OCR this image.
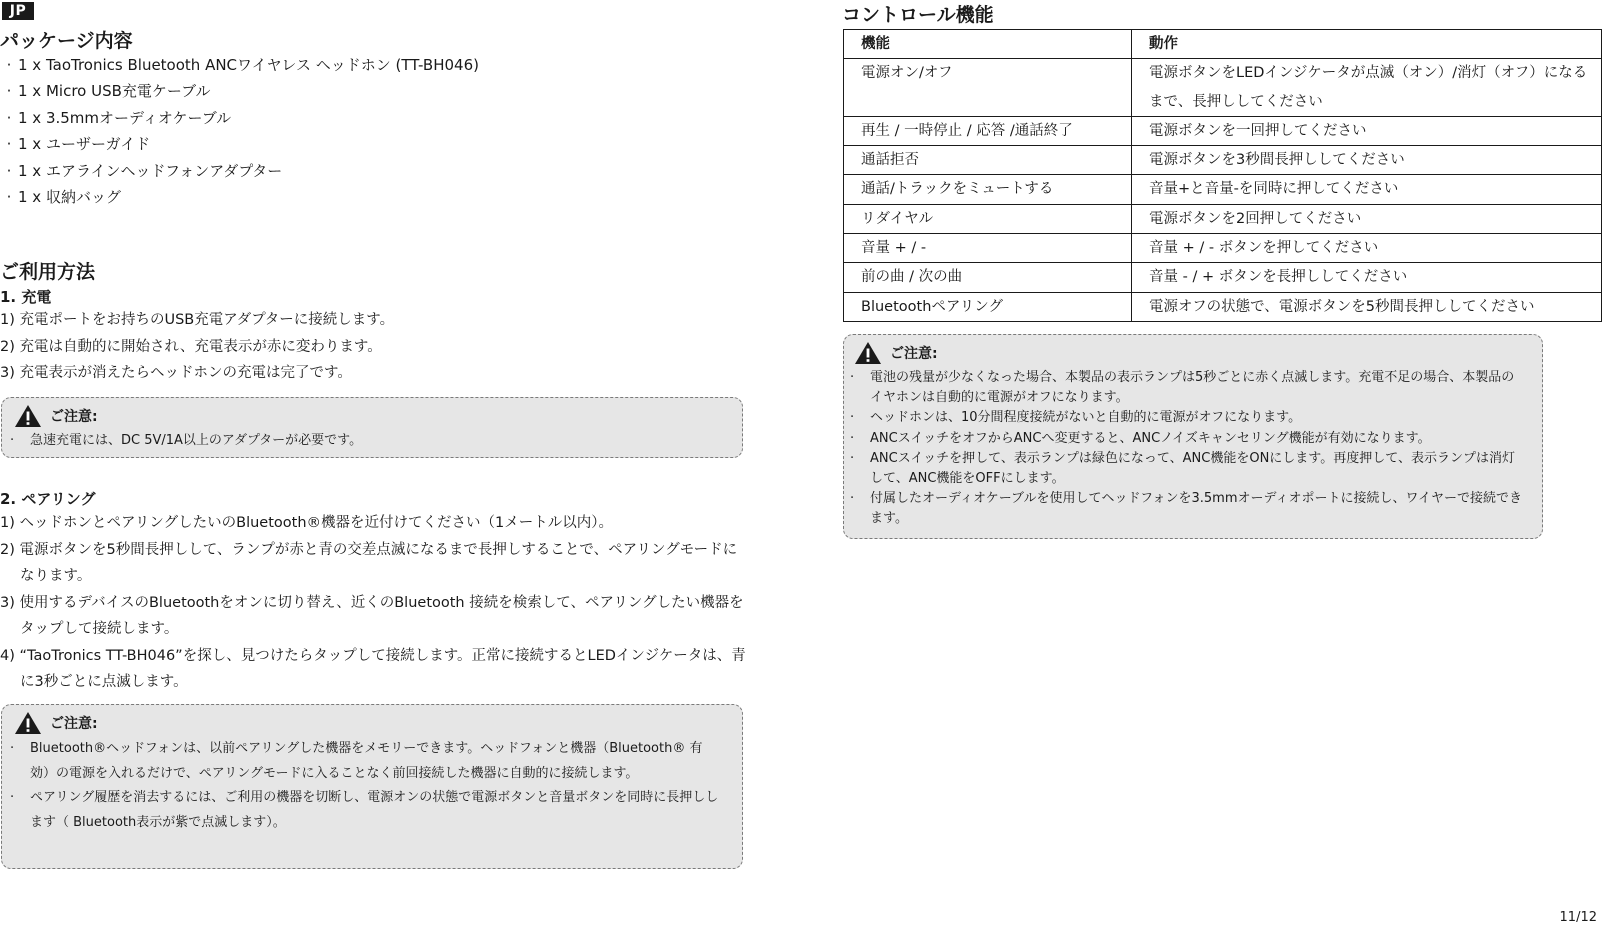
JP
パッケージ内容
· 1 x TaoTronics Bluetooth ANCワイヤレス ヘッドホン (TT-BH046)
· 1 x Micro USB充電ケーブル
· 1 x 3.5mmオーディオケーブル
· 1 x ユーザーガイド
· 1 x エアラインヘッドフォンアダプター
· 1 x 収納バッグ
ご利用方法
1. 充電
1) 充電ポートをお持ちのUSB充電アダプターに接続します。
2) 充電は自動的に開始され、充電表示が赤に変わります。
3) 充電表示が消えたらヘッドホンの充電は完了です。
ご注意:
· 急速充電には、DC 5V/1A以上のアダプターが必要です。
2. ペアリング
1) ヘッドホンとペアリングしたいのBluetooth®機器を近付けてください（1メートル以内）。
2) 電源ボタンを5秒間長押しして、ランプが赤と青の交差点滅になるまで長押しすることで、ペアリングモードになります。
3) 使用するデバイスのBluetoothをオンに切り替え、近くのBluetooth 接続を検索して、ペアリングしたい機器をタップして接続します。
4) “TaoTronics TT-BH046”を探し、見つけたらタップして接続します。正常に接続するとLEDインジケータは、青に3秒ごとに点滅します。
ご注意:
· Bluetooth®ヘッドフォンは、以前ペアリングした機器をメモリーできます。ヘッドフォンと機器（Bluetooth® 有効）の電源を入れるだけで、ペアリングモードに入ることなく前回接続した機器に自動的に接続します。
· ペアリング履歴を消去するには、ご利用の機器を切断し、電源オンの状態で電源ボタンと音量ボタンを同時に長押しします（ Bluetooth表示が紫で点滅します）。
コントロール機能
機能	動作
電源オン/オフ	電源ボタンをLEDインジケータが点滅（オン）/消灯（オフ）になるまで、長押ししてください
再生 / 一時停止 / 応答 /通話終了	電源ボタンを一回押してください
通話拒否	電源ボタンを3秒間長押ししてください
通話/トラックをミュートする	音量+と音量-を同時に押してください
リダイヤル	電源ボタンを2回押してください
音量 + / -	音量 + / - ボタンを押してください
前の曲 / 次の曲	音量 - / + ボタンを長押ししてください
Bluetoothペアリング	電源オフの状態で、電源ボタンを5秒間長押ししてください
ご注意:
· 電池の残量が少なくなった場合、本製品の表示ランプは5秒ごとに赤く点滅します。充電不足の場合、本製品のイヤホンは自動的に電源がオフになります。
· ヘッドホンは、10分間程度接続がないと自動的に電源がオフになります。
· ANCスイッチをオフからANCへ変更すると、ANCノイズキャンセリング機能が有効になります。
· ANCスイッチを押して、表示ランプは緑色になって、ANC機能をONにします。再度押して、表示ランプは消灯して、ANC機能をOFFにします。
· 付属したオーディオケーブルを使用してヘッドフォンを3.5mmオーディオポートに接続し、ワイヤーで接続できます。
11/12
